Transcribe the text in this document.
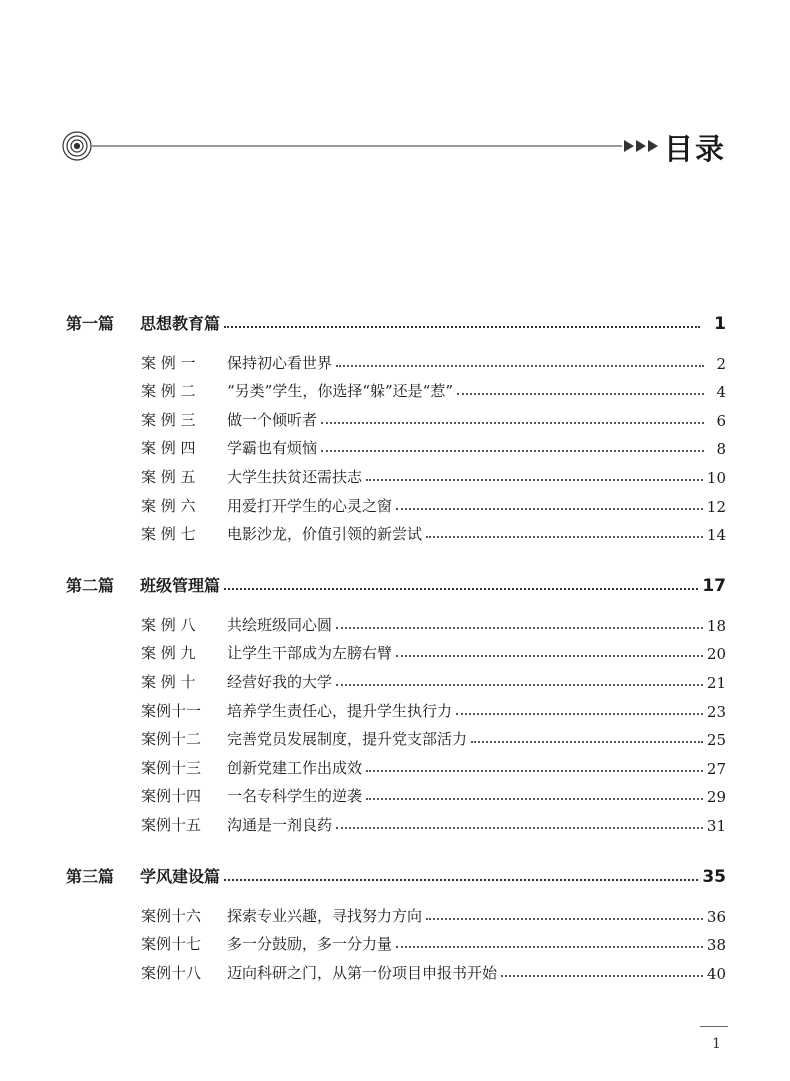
目录
第一篇	思想教育篇	1
案 例 一	保持初心看世界	2
案 例 二	“另类”学生，你选择“躲”还是“惹”	4
案 例 三	做一个倾听者	6
案 例 四	学霸也有烦恼	8
案 例 五	大学生扶贫还需扶志	10
案 例 六	用爱打开学生的心灵之窗	12
案 例 七	电影沙龙，价值引领的新尝试	14
第二篇	班级管理篇	17
案 例 八	共绘班级同心圆	18
案 例 九	让学生干部成为左膀右臂	20
案 例 十	经营好我的大学	21
案例十一	培养学生责任心，提升学生执行力	23
案例十二	完善党员发展制度，提升党支部活力	25
案例十三	创新党建工作出成效	27
案例十四	一名专科学生的逆袭	29
案例十五	沟通是一剂良药	31
第三篇	学风建设篇	35
案例十六	探索专业兴趣，寻找努力方向	36
案例十七	多一分鼓励，多一分力量	38
案例十八	迈向科研之门，从第一份项目申报书开始	40
1
